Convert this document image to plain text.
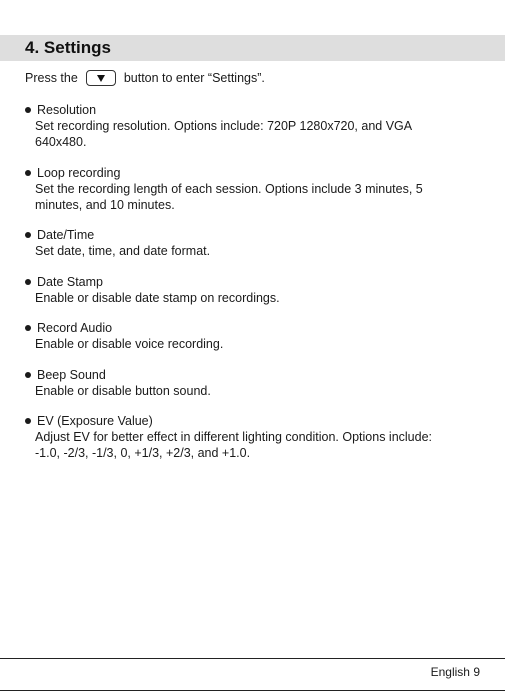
4. Settings
Press the	button to enter “Settings”.
Resolution
Set recording resolution. Options include: 720P 1280x720, and VGA
640x480.
Loop recording
Set the recording length of each session. Options include 3 minutes, 5
minutes, and 10 minutes.
Date/Time
Set date, time, and date format.
Date Stamp
Enable or disable date stamp on recordings.
Record Audio
Enable or disable voice recording.
Beep Sound
Enable or disable button sound.
EV (Exposure Value)
Adjust EV for better effect in different lighting condition. Options include:
-1.0, -2/3, -1/3, 0, +1/3, +2/3, and +1.0.
English 9
